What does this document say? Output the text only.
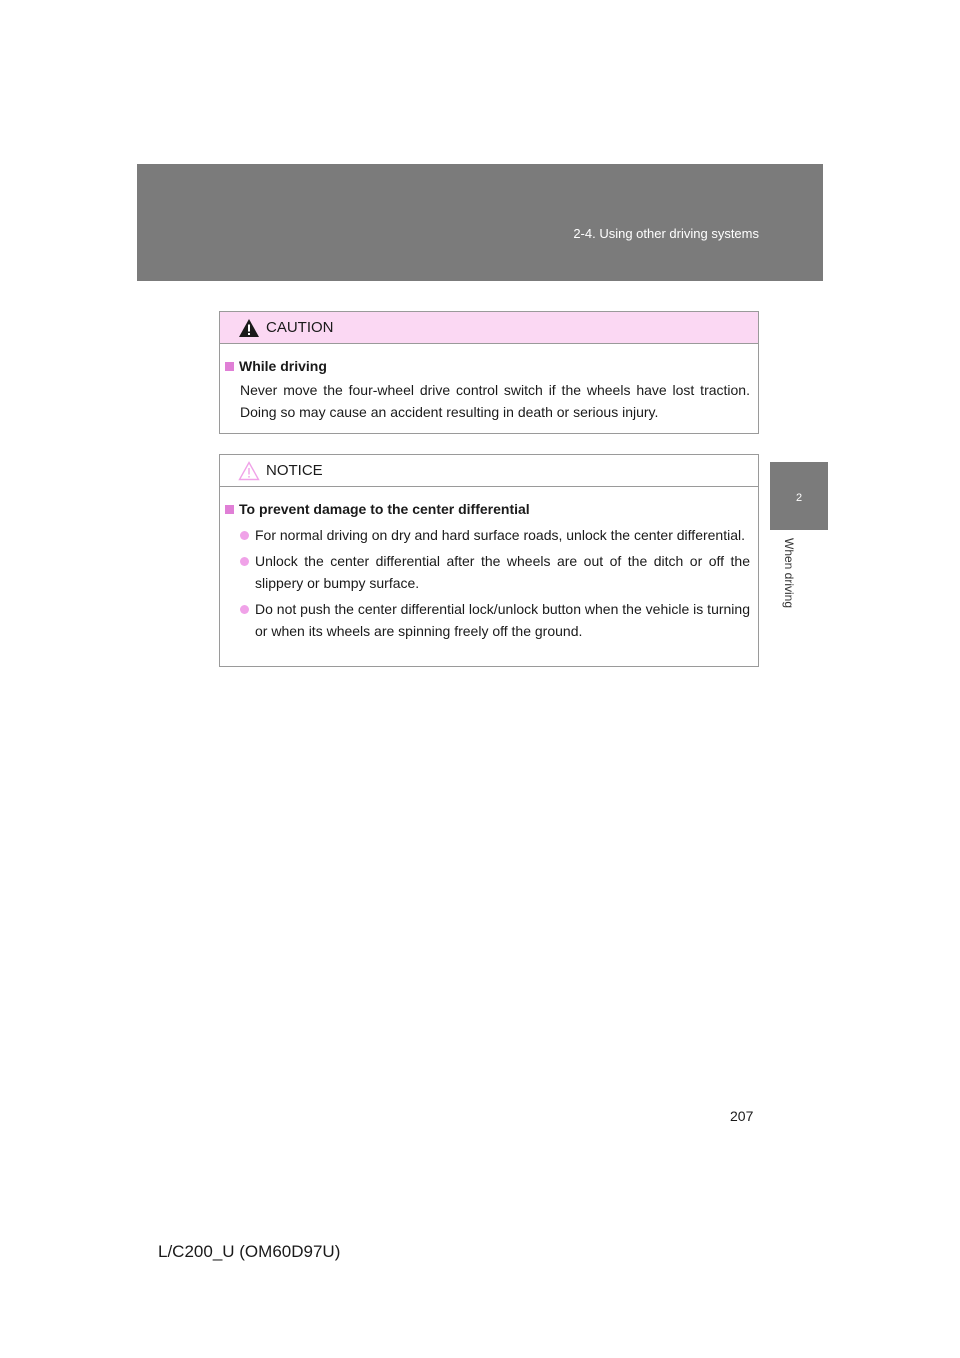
2-4. Using other driving systems
2
When driving
CAUTION
While driving
Never move the four-wheel drive control switch if the wheels have lost traction. Doing so may cause an accident resulting in death or serious injury.
NOTICE
To prevent damage to the center differential
For normal driving on dry and hard surface roads, unlock the center differential.
Unlock the center differential after the wheels are out of the ditch or off the slippery or bumpy surface.
Do not push the center differential lock/unlock button when the vehicle is turning or when its wheels are spinning freely off the ground.
207
L/C200_U (OM60D97U)
